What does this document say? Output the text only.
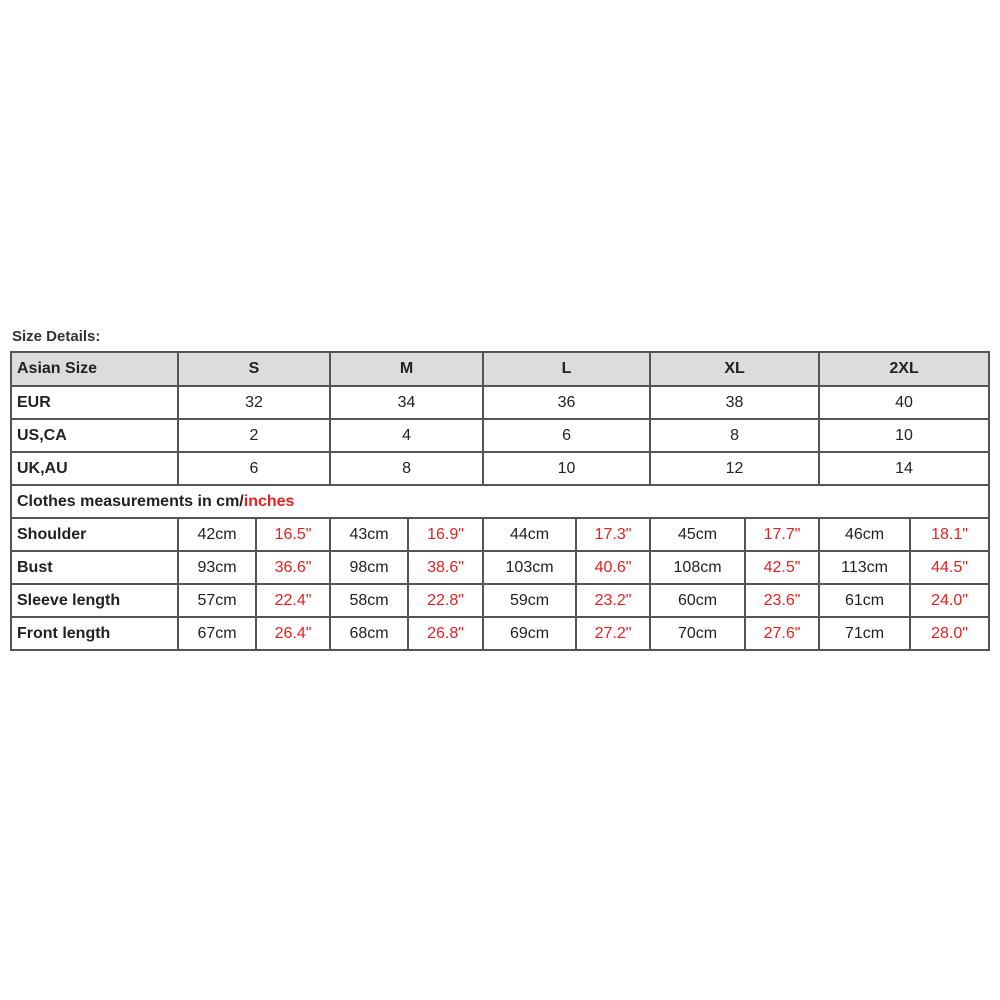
Size Details:
Asian Size	S		M		L		XL		2XL	
EUR	32		34		36		38		40	
US,CA	2		4		6		8		10	
UK,AU	6		8		10		12		14	
Clothes measurements in cm/inches										
Shoulder	42cm	16.5"	43cm	16.9"	44cm	17.3"	45cm	17.7"	46cm	18.1"
Bust	93cm	36.6"	98cm	38.6"	103cm	40.6"	108cm	42.5"	113cm	44.5"
Sleeve length	57cm	22.4"	58cm	22.8"	59cm	23.2"	60cm	23.6"	61cm	24.0"
Front length	67cm	26.4"	68cm	26.8"	69cm	27.2"	70cm	27.6"	71cm	28.0"
